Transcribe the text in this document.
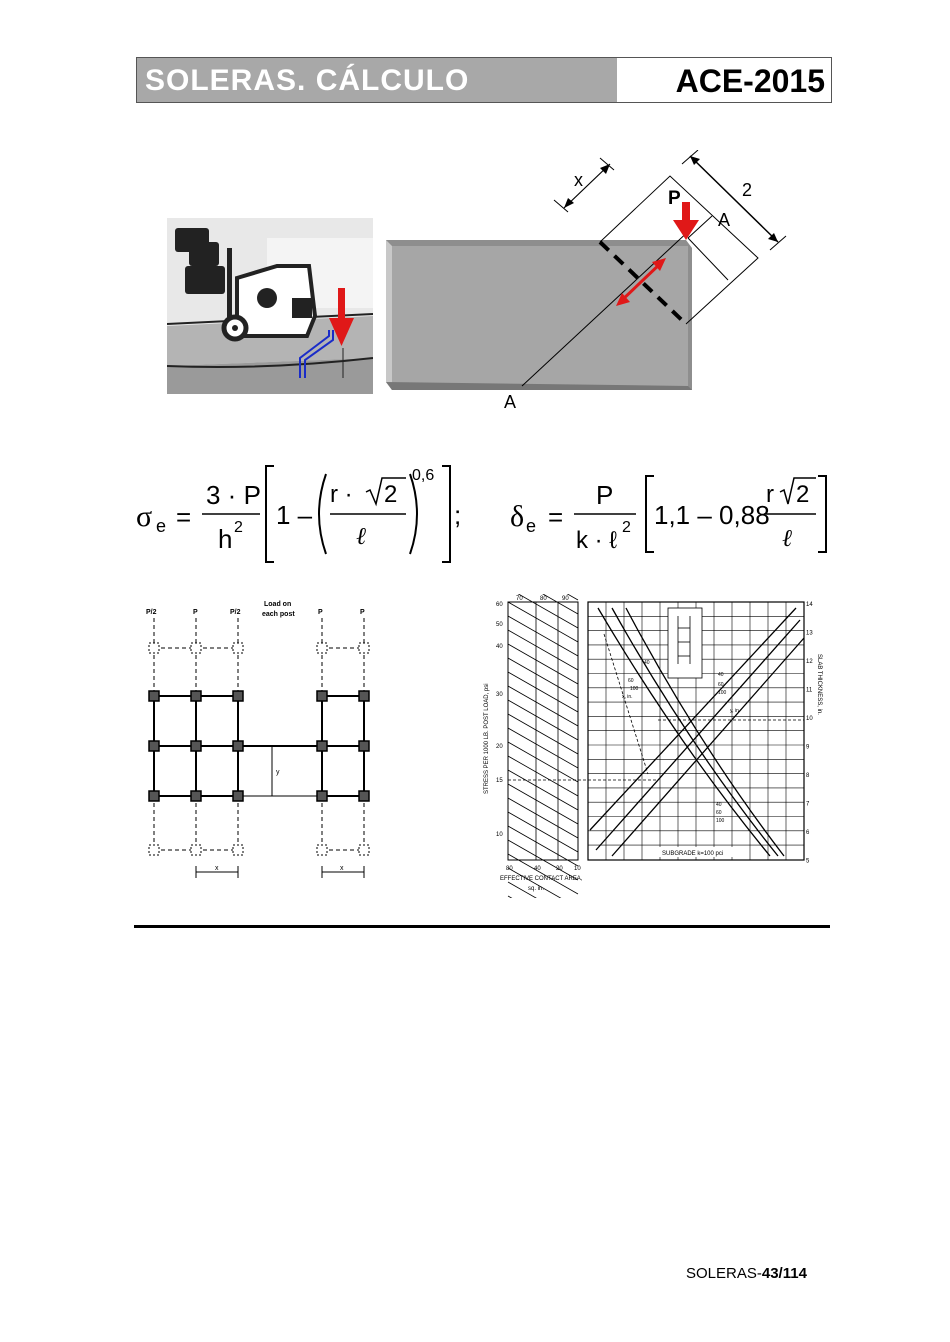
SOLERAS. CÁLCULO	ACE-2015
x	2
P
A
A
σ e =
3 · P
h 2 1 –
r · 2
ℓ
0,6
; δ e =
P
k · ℓ 2 1,1 – 0,88
r 2
ℓ
P/2	P	P/2	P	P
Load on
each post
y
x	x
STRESS PER 1000 LB. POST LOAD, psi	SLAB THICKNESS, in.
EFFECTIVE CONTACT AREA,
sq. in.
SUBGRADE k=100 pci
60
50
40
30
20
15
10
14
13
12
11
10
9
8
7
6
5
70	80	90
80	40	20 10
40
60
100
x, in.
40
60
100
y, in.
40
60
100
SOLERAS-43/114
